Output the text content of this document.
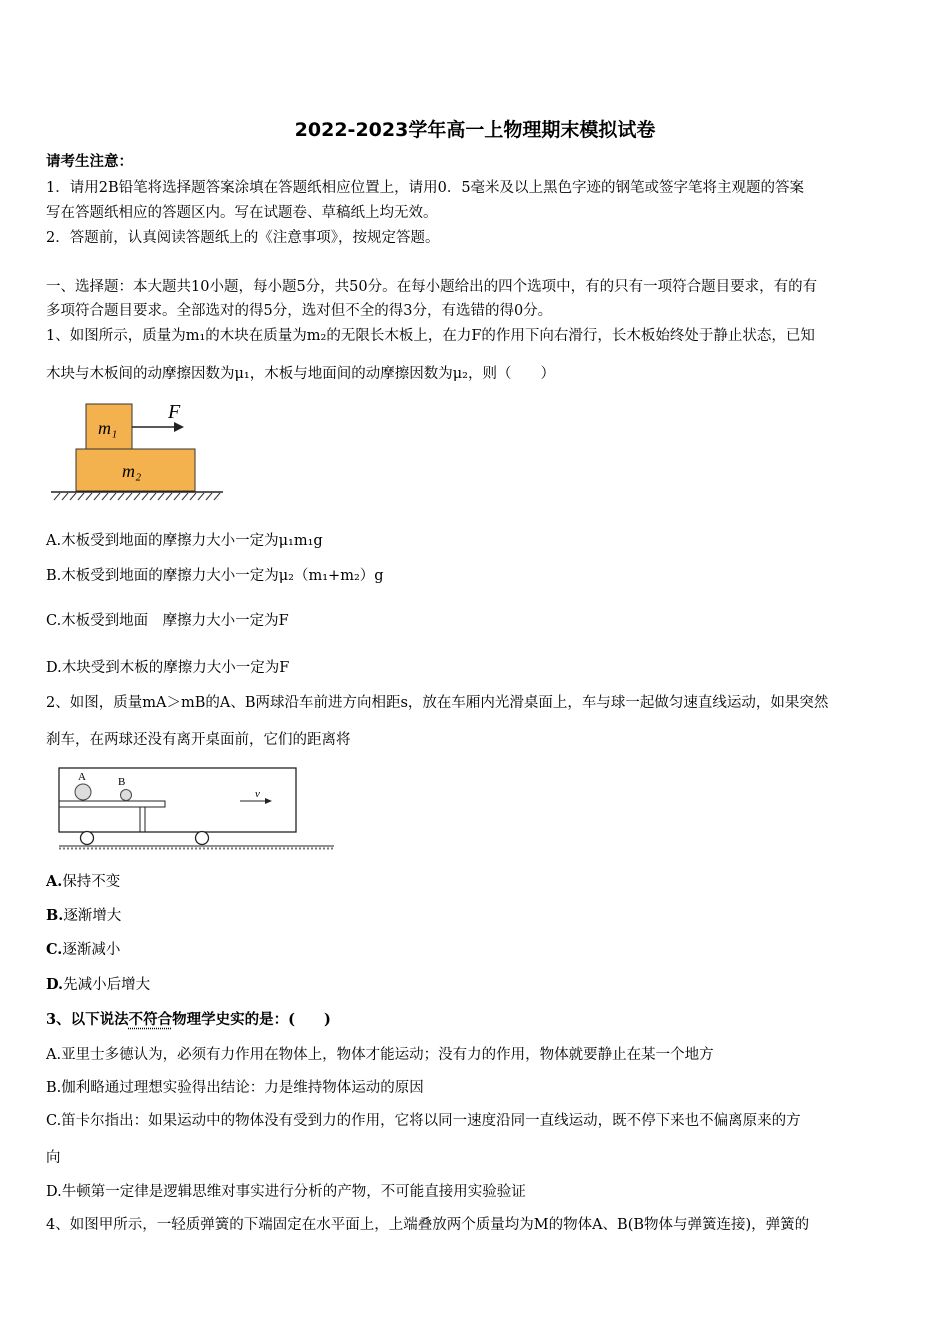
2022-2023学年高一上物理期末模拟试卷
请考生注意：
1．请用2B铅笔将选择题答案涂填在答题纸相应位置上，请用0．5毫米及以上黑色字迹的钢笔或签字笔将主观题的答案
写在答题纸相应的答题区内。写在试题卷、草稿纸上均无效。
2．答题前，认真阅读答题纸上的《注意事项》，按规定答题。
一、选择题：本大题共10小题，每小题5分，共50分。在每小题给出的四个选项中，有的只有一项符合题目要求，有的有
多项符合题目要求。全部选对的得5分，选对但不全的得3分，有选错的得0分。
1、如图所示，质量为m₁的木块在质量为m₂的无限长木板上，在力F的作用下向右滑行，长木板始终处于静止状态，已知
木块与木板间的动摩擦因数为μ₁，木板与地面间的动摩擦因数为μ₂，则（　　）
m₁
m₂
F
A.木板受到地面的摩擦力大小一定为μ₁m₁g
B.木板受到地面的摩擦力大小一定为μ₂（m₁+m₂）g
C.木板受到地面　摩擦力大小一定为F
D.木块受到木板的摩擦力大小一定为F
2、如图，质量mA＞mB的A、B两球沿车前进方向相距s，放在车厢内光滑桌面上，车与球一起做匀速直线运动，如果突然
刹车，在两球还没有离开桌面前，它们的距离将
A	B
v
A.保持不变
B.逐渐增大
C.逐渐减小
D.先减小后增大
3、以下说法不符合物理学史实的是：(　　)
A.亚里士多德认为，必须有力作用在物体上，物体才能运动；没有力的作用，物体就要静止在某一个地方
B.伽利略通过理想实验得出结论：力是维持物体运动的原因
C.笛卡尔指出：如果运动中的物体没有受到力的作用，它将以同一速度沿同一直线运动，既不停下来也不偏离原来的方
向
D.牛顿第一定律是逻辑思维对事实进行分析的产物，不可能直接用实验验证
4、如图甲所示，一轻质弹簧的下端固定在水平面上，上端叠放两个质量均为M的物体A、B(B物体与弹簧连接)，弹簧的
